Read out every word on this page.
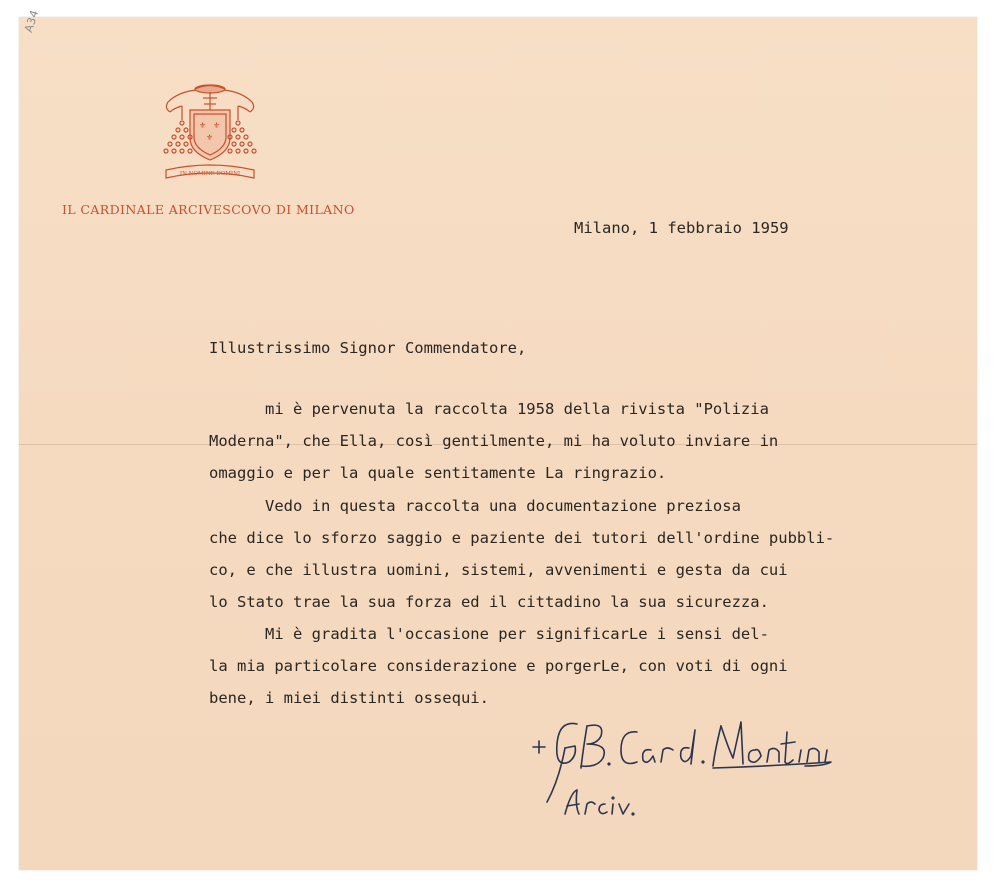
A34
⚜ ⚜
⚜
IN NOMINE DOMINI
IL CARDINALE ARCIVESCOVO DI MILANO
Milano, 1 febbraio 1959
Illustrissimo Signor Commendatore,
mi è pervenuta la raccolta 1958 della rivista "Polizia
Moderna", che Ella, così gentilmente, mi ha voluto inviare in
omaggio e per la quale sentitamente La ringrazio.
Vedo in questa raccolta una documentazione preziosa
che dice lo sforzo saggio e paziente dei tutori dell'ordine pubbli-
co, e che illustra uomini, sistemi, avvenimenti e gesta da cui
lo Stato trae la sua forza ed il cittadino la sua sicurezza.
Mi è gradita l'occasione per significarLe i sensi del-
la mia particolare considerazione e porgerLe, con voti di ogni
bene, i miei distinti ossequi.
